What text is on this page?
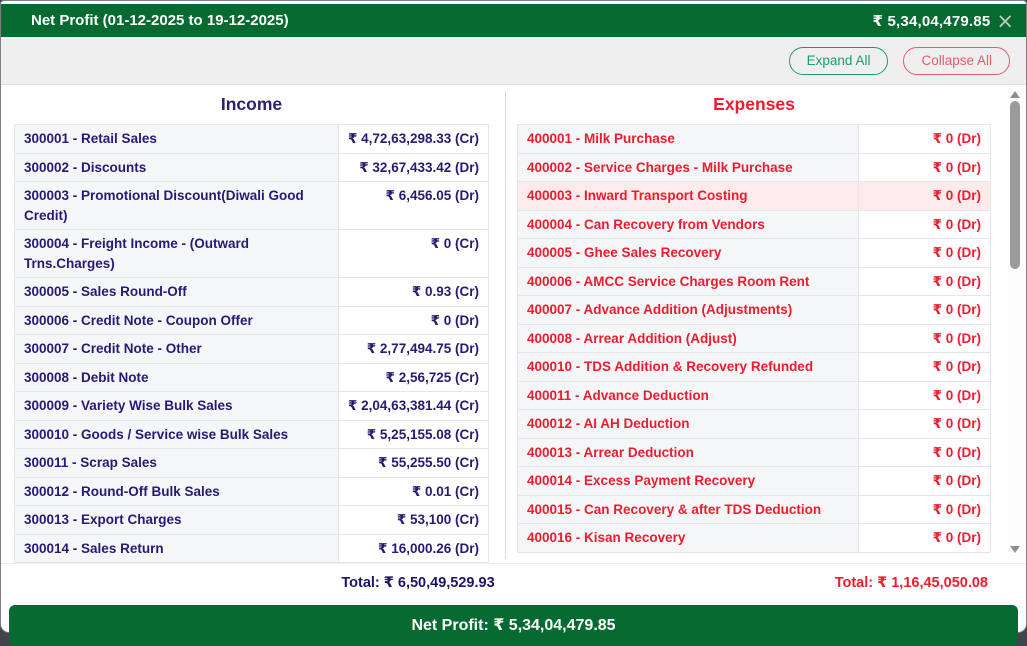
Net Profit (01-12-2025 to 19-12-2025)	₹ 5,34,04,479.85 ×
Expand All	Collapse All
Income
300001 - Retail Sales	₹ 4,72,63,298.33 (Cr)
300002 - Discounts	₹ 32,67,433.42 (Dr)
300003 - Promotional Discount(Diwali Good Credit)	₹ 6,456.05 (Dr)
300004 - Freight Income - (Outward Trns.Charges)	₹ 0 (Cr)
300005 - Sales Round-Off	₹ 0.93 (Cr)
300006 - Credit Note - Coupon Offer	₹ 0 (Dr)
300007 - Credit Note - Other	₹ 2,77,494.75 (Dr)
300008 - Debit Note	₹ 2,56,725 (Cr)
300009 - Variety Wise Bulk Sales	₹ 2,04,63,381.44 (Cr)
300010 - Goods / Service wise Bulk Sales	₹ 5,25,155.08 (Cr)
300011 - Scrap Sales	₹ 55,255.50 (Cr)
300012 - Round-Off Bulk Sales	₹ 0.01 (Cr)
300013 - Export Charges	₹ 53,100 (Cr)
300014 - Sales Return	₹ 16,000.26 (Dr)
Expenses
400001 - Milk Purchase	₹ 0 (Dr)
400002 - Service Charges - Milk Purchase	₹ 0 (Dr)
400003 - Inward Transport Costing	₹ 0 (Dr)
400004 - Can Recovery from Vendors	₹ 0 (Dr)
400005 - Ghee Sales Recovery	₹ 0 (Dr)
400006 - AMCC Service Charges Room Rent	₹ 0 (Dr)
400007 - Advance Addition (Adjustments)	₹ 0 (Dr)
400008 - Arrear Addition (Adjust)	₹ 0 (Dr)
400010 - TDS Addition & Recovery Refunded	₹ 0 (Dr)
400011 - Advance Deduction	₹ 0 (Dr)
400012 - AI AH Deduction	₹ 0 (Dr)
400013 - Arrear Deduction	₹ 0 (Dr)
400014 - Excess Payment Recovery	₹ 0 (Dr)
400015 - Can Recovery & after TDS Deduction	₹ 0 (Dr)
400016 - Kisan Recovery	₹ 0 (Dr)
Total: ₹ 6,50,49,529.93	Total: ₹ 1,16,45,050.08
Net Profit: ₹ 5,34,04,479.85
